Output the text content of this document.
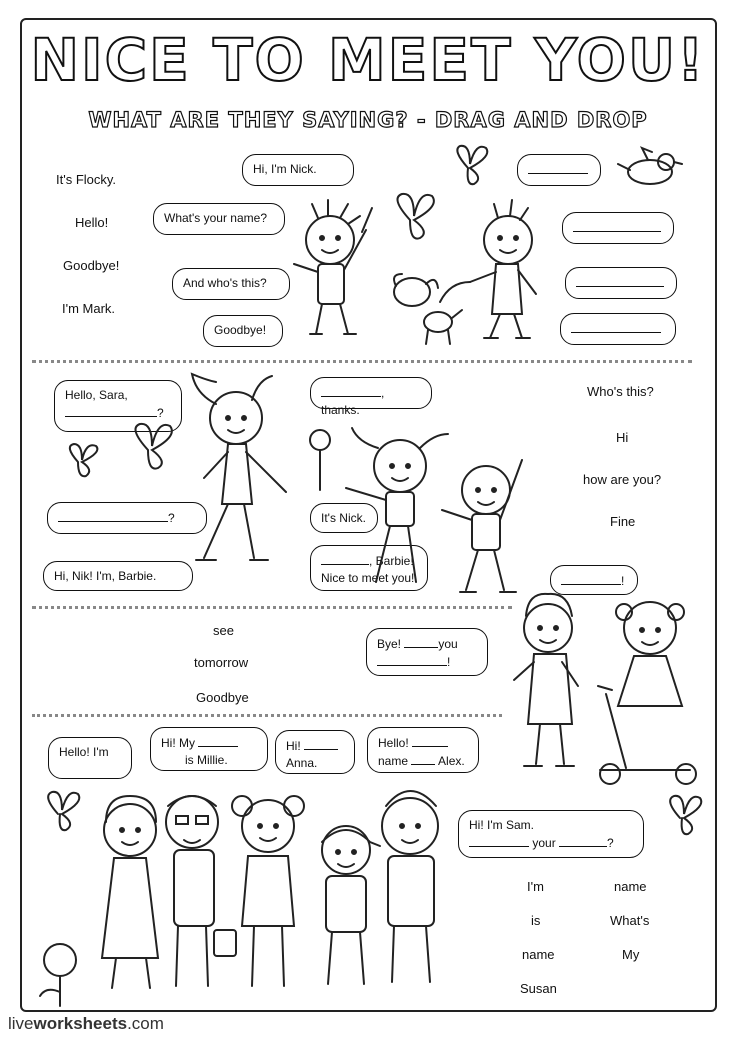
NICE TO MEET YOU!
WHAT ARE THEY SAYING? - DRAG AND DROP
It's Flocky.
Hello!
Goodbye!
I'm Mark.
Hi, I'm Nick.
What's your name?
And who's this?
Goodbye!
Who's this?
Hi
how are you?
Fine
Hello, Sara,
?
, thanks.
?	It's Nick.
Hi, Nik! I'm, Barbie.
, Barbie!
Nice to meet you!	!
see
tomorrow
Goodbye
Bye!	you
!
Hello! I'm
Hi! My
is Millie.
Hi!
Anna.
Hello!
name	Alex.
Hi! I'm Sam.
your	?
I'm
is
name
Susan
name
What's
My
liveworksheets.com
